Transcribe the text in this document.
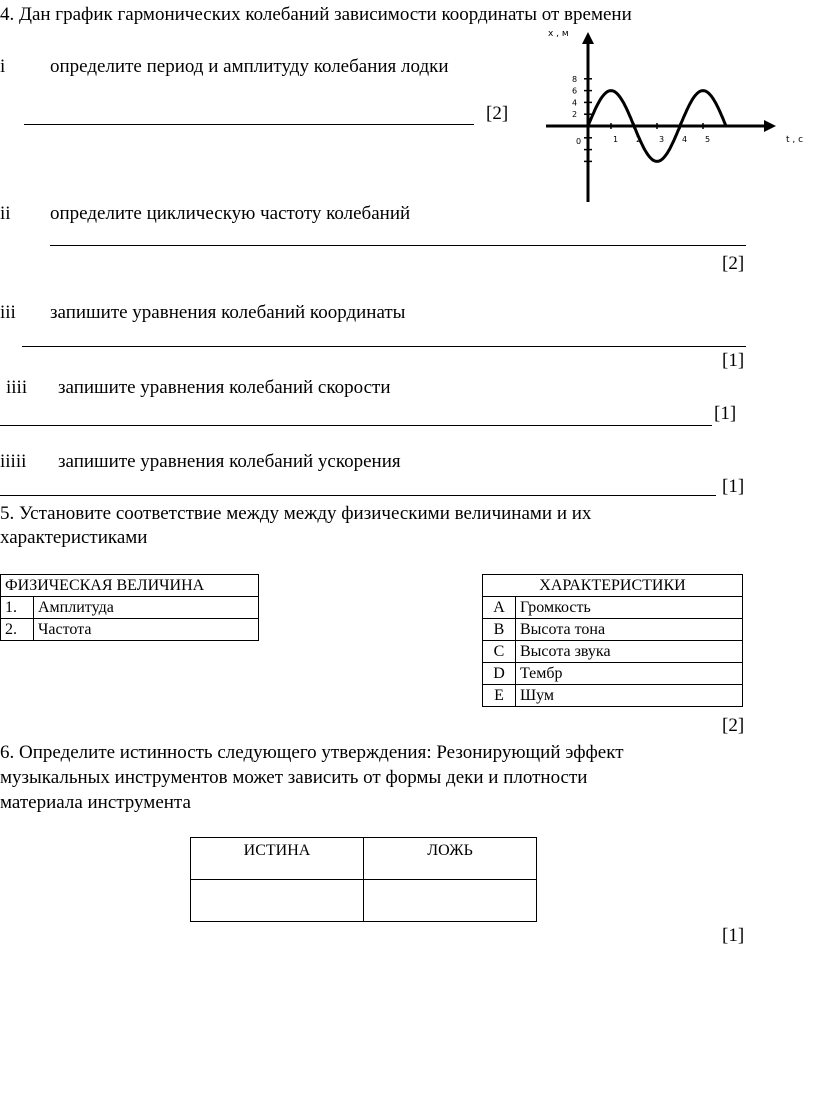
4. Дан график гармонических колебаний зависимости координаты от времени
i определите период и амплитуду колебания лодки
[2]
ii определите циклическую частоту колебаний
[2]
iii запишите уравнения колебаний координаты
[1]
iiii запишите уравнения колебаний скорости
[1]
iiiii запишите уравнения колебаний ускорения
[1]
x , м
t , c
0
8
6
4
2
1 2 3 4 5
5. Установите соответствие между между физическими величинами и их
характеристиками
ФИЗИЧЕСКАЯ ВЕЛИЧИНА	
1.	Амплитуда
2.	Частота
ХАРАКТЕРИСТИКИ	
A	Громкость
B	Высота тона
C	Высота звука
D	Тембр
E	Шум
[2]
6. Определите истинность следующего утверждения: Резонирующий эффект
музыкальных инструментов может зависить от формы деки и плотности
материала инструмента
ИСТИНА	ЛОЖЬ

[1]
